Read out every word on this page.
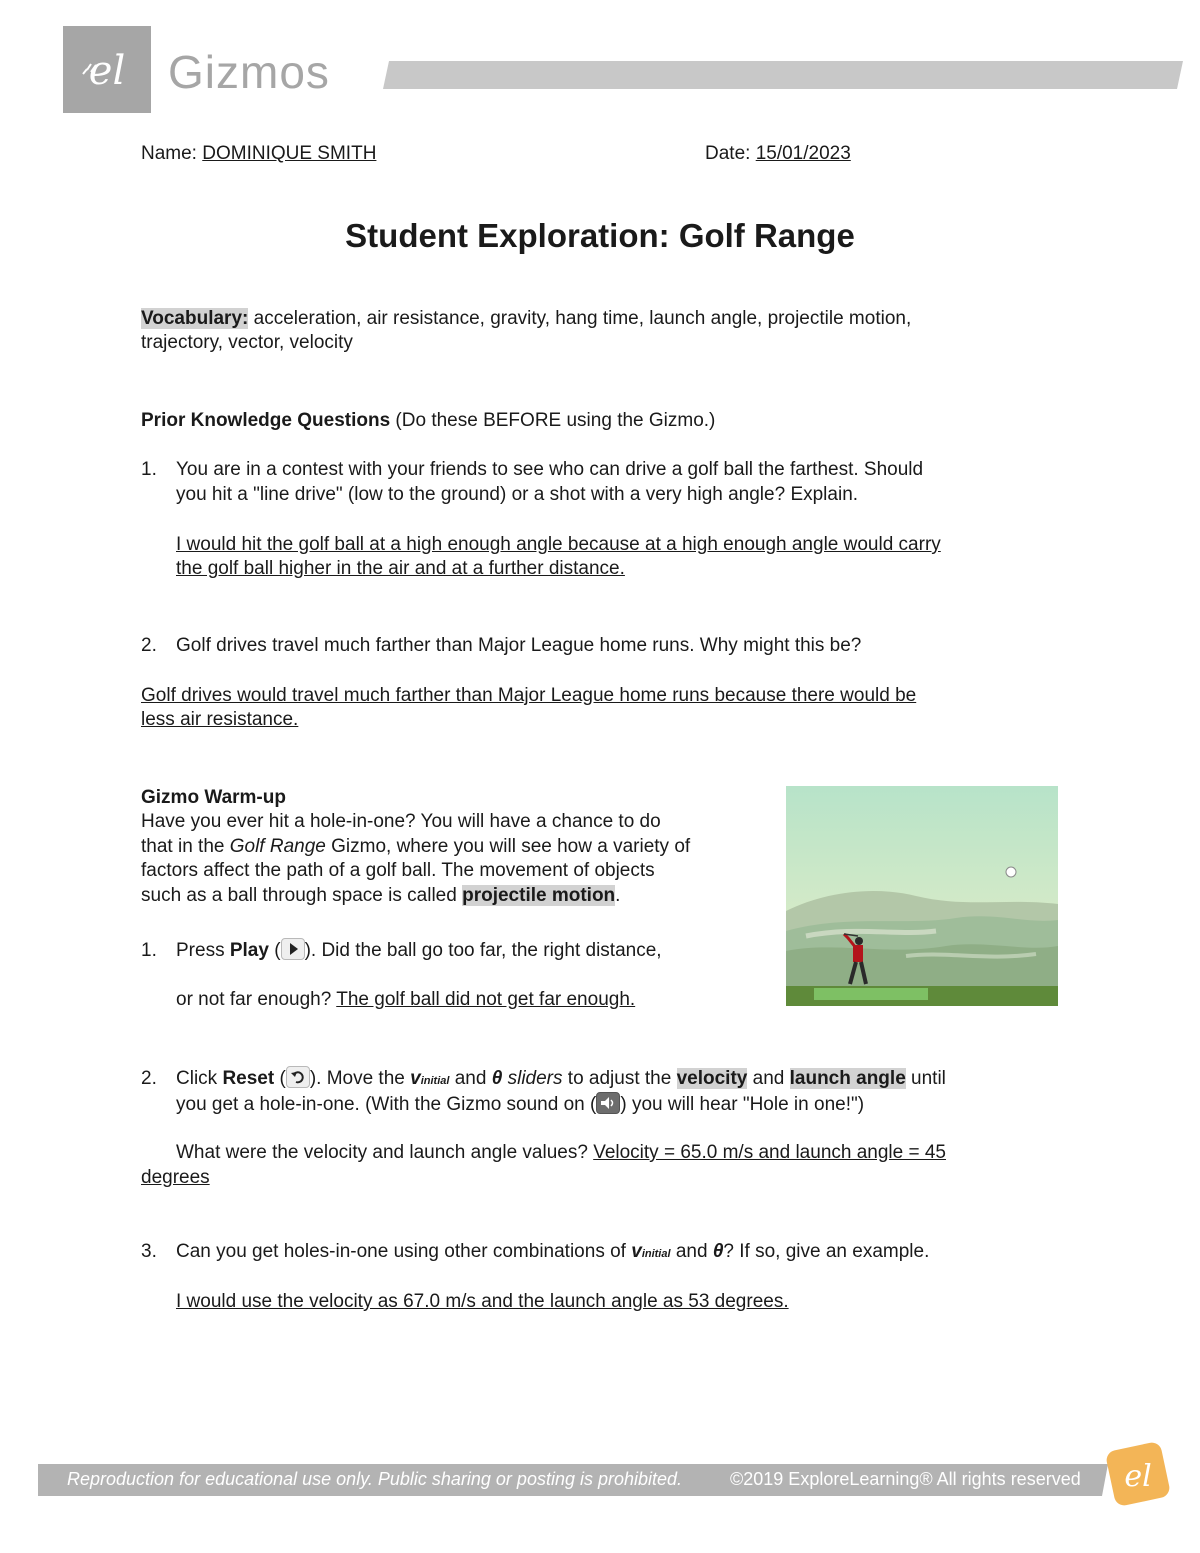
el Gizmos
Name: DOMINIQUE SMITH	Date: 15/01/2023
Student Exploration: Golf Range
Vocabulary: acceleration, air resistance, gravity, hang time, launch angle, projectile motion,
trajectory, vector, velocity
Prior Knowledge Questions (Do these BEFORE using the Gizmo.)
1. You are in a contest with your friends to see who can drive a golf ball the farthest. Should
you hit a "line drive" (low to the ground) or a shot with a very high angle? Explain.
I would hit the golf ball at a high enough angle because at a high enough angle would carry
the golf ball higher in the air and at a further distance.
2. Golf drives travel much farther than Major League home runs. Why might this be?
Golf drives would travel much farther than Major League home runs because there would be
less air resistance.
Gizmo Warm-up
Have you ever hit a hole-in-one? You will have a chance to do
that in the Golf Range Gizmo, where you will see how a variety of
factors affect the path of a golf ball. The movement of objects
such as a ball through space is called projectile motion.
1. Press Play ( ). Did the ball go too far, the right distance,
or not far enough? The golf ball did not get far enough.
2. Click Reset ( ). Move the vinitial and θ sliders to adjust the velocity and launch angle until
you get a hole-in-one. (With the Gizmo sound on ( ) you will hear "Hole in one!")
What were the velocity and launch angle values? Velocity = 65.0 m/s and launch angle = 45
degrees
3. Can you get holes-in-one using other combinations of vinitial and θ? If so, give an example.
I would use the velocity as 67.0 m/s and the launch angle as 53 degrees.
Reproduction for educational use only. Public sharing or posting is prohibited.	©2019 ExploreLearning® All rights reserved el
